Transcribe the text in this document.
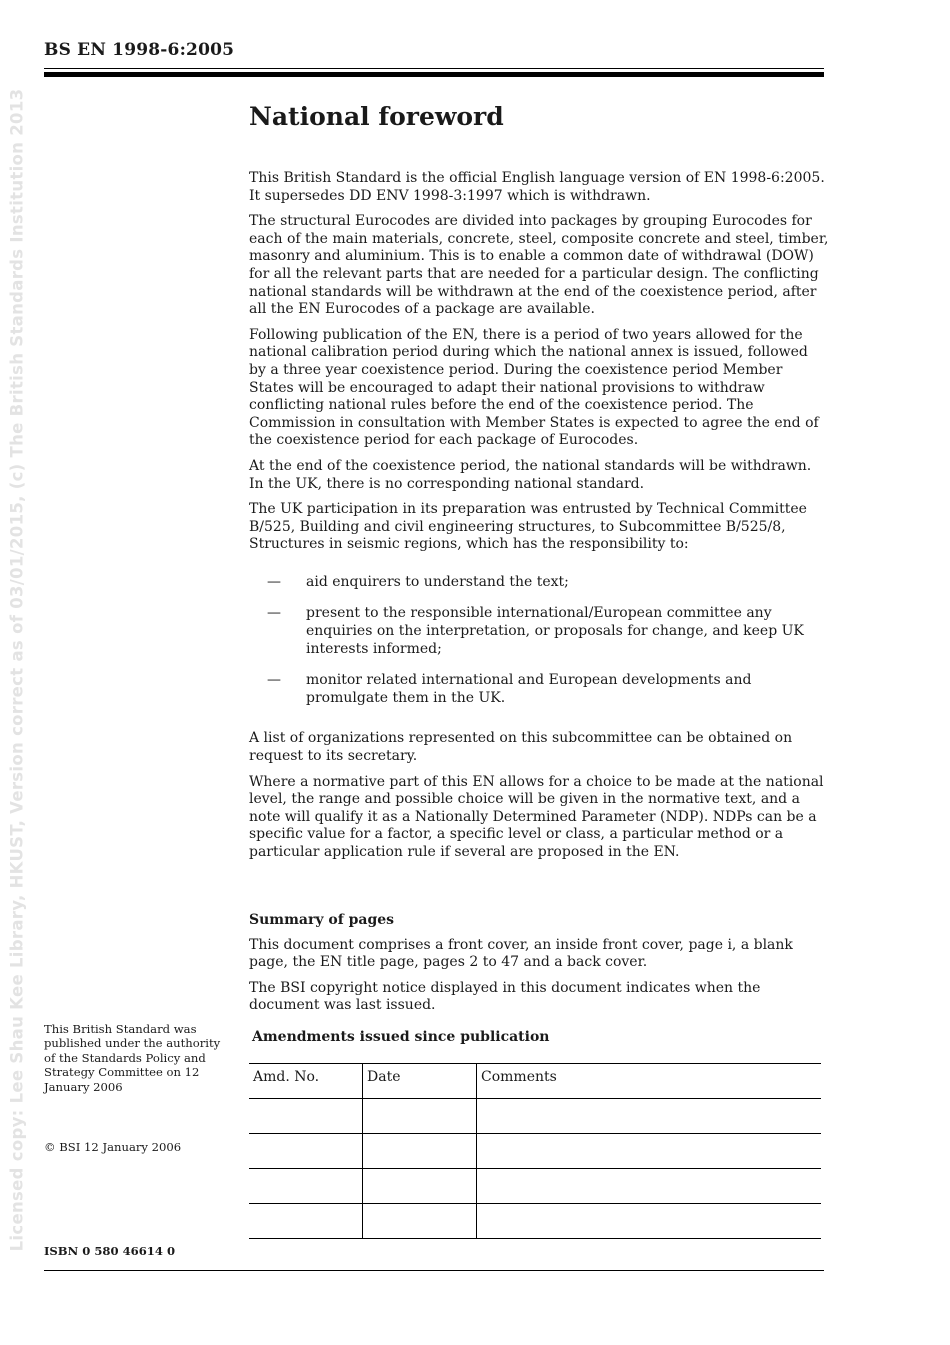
BS EN 1998-6:2005
Licensed copy: Lee Shau Kee Library, HKUST, Version correct as of 03/01/2015, (c) The British Standards Institution 2013	National foreword

This British Standard is the official English language version of EN 1998-6:2005. It supersedes DD ENV 1998-3:1997 which is withdrawn.

The structural Eurocodes are divided into packages by grouping Eurocodes for each of the main materials, concrete, steel, composite concrete and steel, timber, masonry and aluminium. This is to enable a common date of withdrawal (DOW) for all the relevant parts that are needed for a particular design. The conflicting national standards will be withdrawn at the end of the coexistence period, after all the EN Eurocodes of a package are available.

Following publication of the EN, there is a period of two years allowed for the national calibration period during which the national annex is issued, followed by a three year coexistence period. During the coexistence period Member States will be encouraged to adapt their national provisions to withdraw conflicting national rules before the end of the coexistence period. The Commission in consultation with Member States is expected to agree the end of the coexistence period for each package of Eurocodes.

At the end of the coexistence period, the national standards will be withdrawn. In the UK, there is no corresponding national standard.

The UK participation in its preparation was entrusted by Technical Committee B/525, Building and civil engineering structures, to Subcommittee B/525/8, Structures in seismic regions, which has the responsibility to:

— aid enquirers to understand the text;
— present to the responsible international/European committee any enquiries on the interpretation, or proposals for change, and keep UK interests informed;
— monitor related international and European developments and promulgate them in the UK.

A list of organizations represented on this subcommittee can be obtained on request to its secretary.

Where a normative part of this EN allows for a choice to be made at the national level, the range and possible choice will be given in the normative text, and a note will qualify it as a Nationally Determined Parameter (NDP). NDPs can be a specific value for a factor, a specific level or class, a particular method or a particular application rule if several are proposed in the EN.

Summary of pages

This document comprises a front cover, an inside front cover, page i, a blank page, the EN title page, pages 2 to 47 and a back cover.

The BSI copyright notice displayed in this document indicates when the document was last issued.

This British Standard was published under the authority of the Standards Policy and Strategy Committee on 12 January 2006
© BSI 12 January 2006
ISBN 0 580 46614 0
Amendments issued since publication
Amd. No.	Date	Comments
